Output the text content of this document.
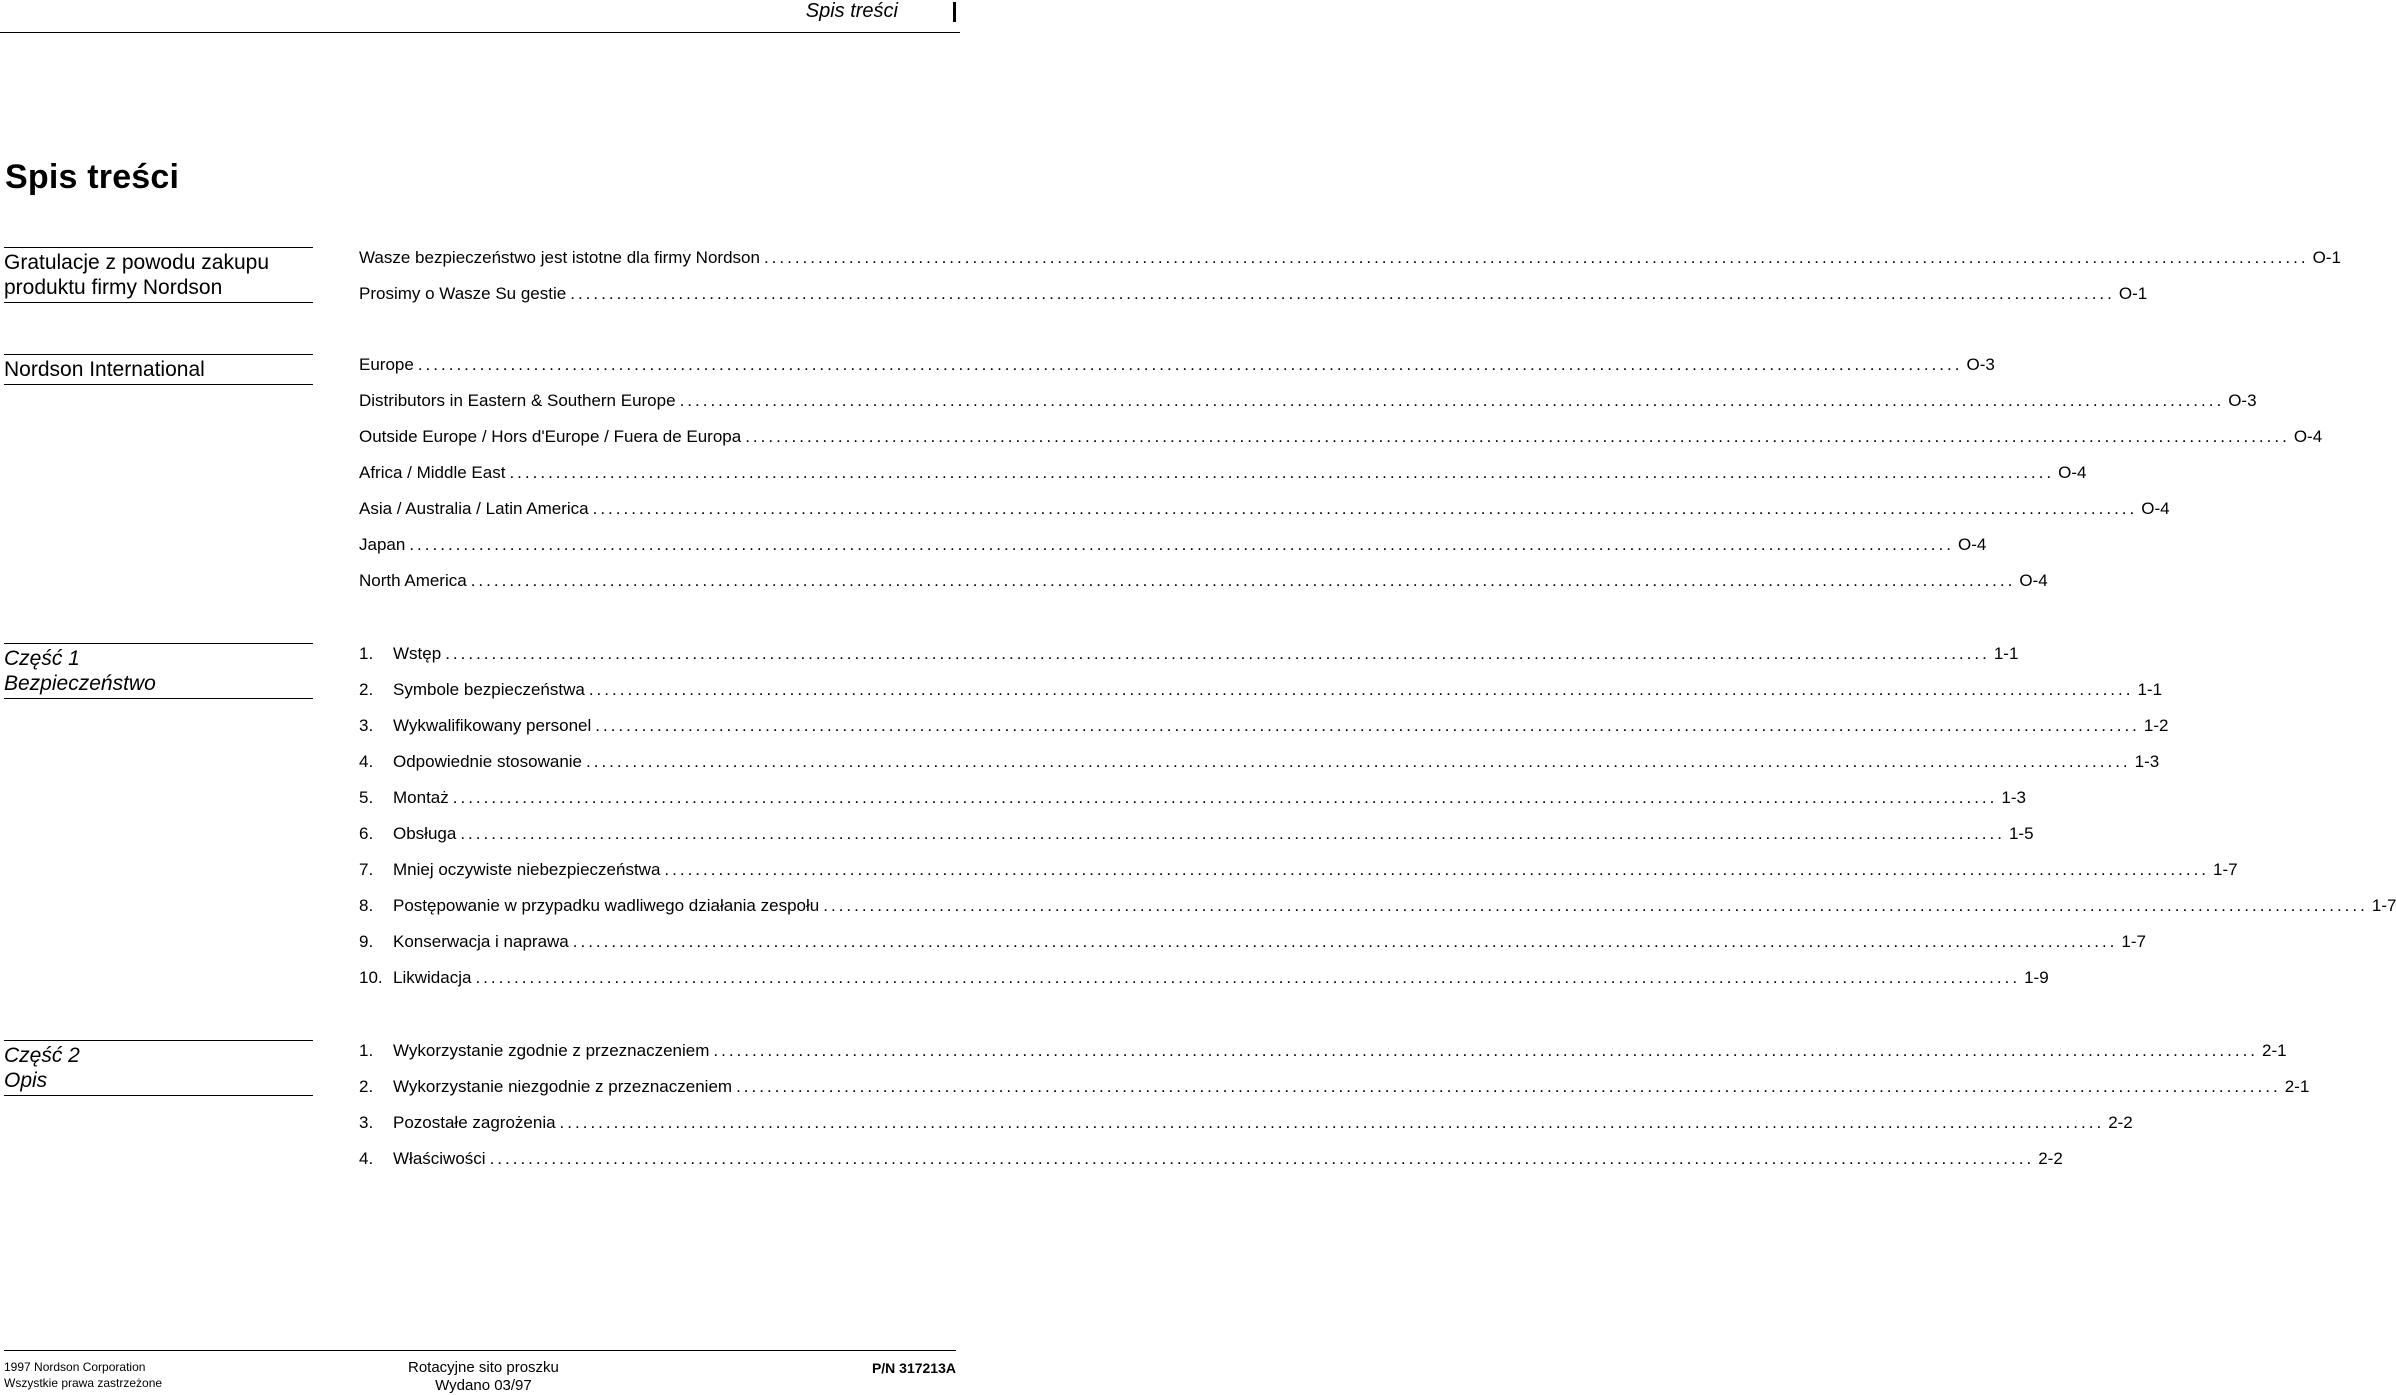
Spis treści
Spis treści
Gratulacje z powodu zakupu
produktu firmy Nordson
Wasze bezpieczeństwo jest istotne dla firmy Nordson ........................................................................................................................................................................................................ O-1
Prosimy o Wasze Su gestie ........................................................................................................................................................................................................ O-1
Nordson International	Europe ........................................................................................................................................................................................................ O-3
Distributors in Eastern & Southern Europe ........................................................................................................................................................................................................ O-3
Outside Europe / Hors d'Europe / Fuera de Europa ........................................................................................................................................................................................................ O-4
Africa / Middle East ........................................................................................................................................................................................................ O-4
Asia / Australia / Latin America ........................................................................................................................................................................................................ O-4
Japan ........................................................................................................................................................................................................ O-4
North America ........................................................................................................................................................................................................ O-4
Część 1
Bezpieczeństwo
1.	Wstęp ........................................................................................................................................................................................................ 1-1
2.	Symbole bezpieczeństwa ........................................................................................................................................................................................................ 1-1
3.	Wykwalifikowany personel ........................................................................................................................................................................................................ 1-2
4.	Odpowiednie stosowanie ........................................................................................................................................................................................................ 1-3
5.	Montaż ........................................................................................................................................................................................................ 1-3
6.	Obsługa ........................................................................................................................................................................................................ 1-5
7.	Mniej oczywiste niebezpieczeństwa ........................................................................................................................................................................................................ 1-7
8.	Postępowanie w przypadku wadliwego działania zespołu ........................................................................................................................................................................................................ 1-7
9.	Konserwacja i naprawa ........................................................................................................................................................................................................ 1-7
10. Likwidacja ........................................................................................................................................................................................................ 1-9
Część 2
Opis
1.	Wykorzystanie zgodnie z przeznaczeniem ........................................................................................................................................................................................................ 2-1
2.	Wykorzystanie niezgodnie z przeznaczeniem ........................................................................................................................................................................................................ 2-1
3.	Pozostałe zagrożenia ........................................................................................................................................................................................................ 2-2
4.	Właściwości ........................................................................................................................................................................................................ 2-2
1997 Nordson Corporation
Wszystkie prawa zastrzeżone
Rotacyjne sito proszku
Wydano 03/97
P/N 317213A
